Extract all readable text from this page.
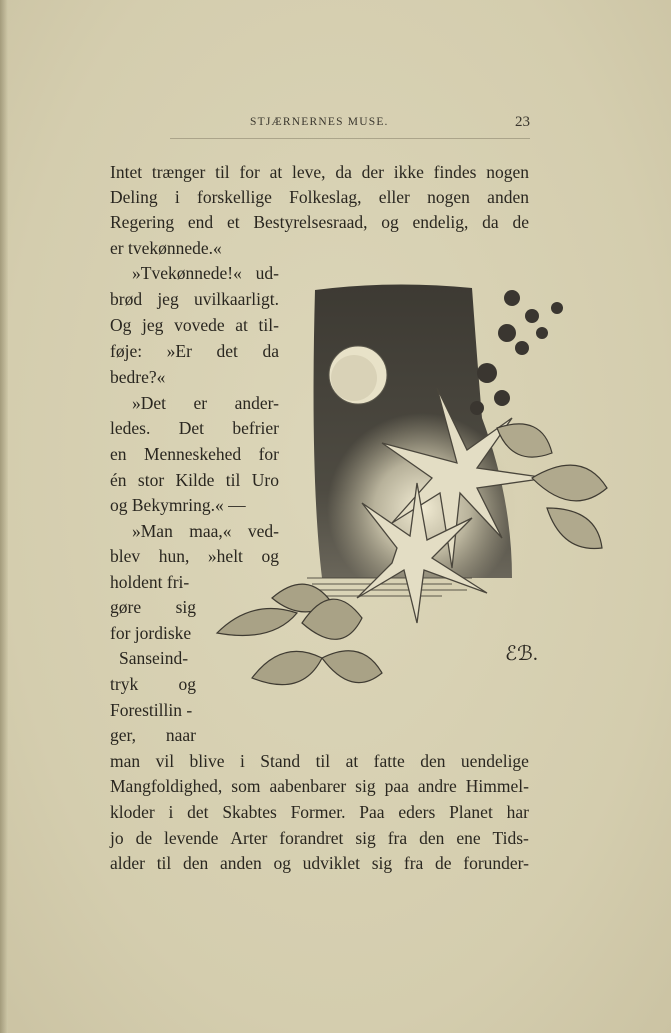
STJÆRNERNES MUSE.	23
Intet trænger til for at leve, da der ikke findes nogen
Deling i forskellige Folkeslag, eller nogen anden
Regering end et Bestyrelsesraad, og endelig, da de
er tvekønnede.«
»Tvekønnede!« ud-
brød jeg uvilkaarligt.
Og jeg vovede at til-
føje: »Er det da
bedre?«
»Det er ander-
ledes. Det befrier
en Menneskehed for
én stor Kilde til Uro
og Bekymring.« —
»Man maa,« ved-
blev hun, »helt og
holdent fri-
gøre sig
for jordiske
Sanseind-
tryk og
Forestillin -
ger, naar
man vil blive i Stand til at fatte den uendelige
Mangfoldighed, som aabenbarer sig paa andre Himmel-
kloder i det Skabtes Former. Paa eders Planet har
jo de levende Arter forandret sig fra den ene Tids-
alder til den anden og udviklet sig fra de forunder-
ℰℬ.
